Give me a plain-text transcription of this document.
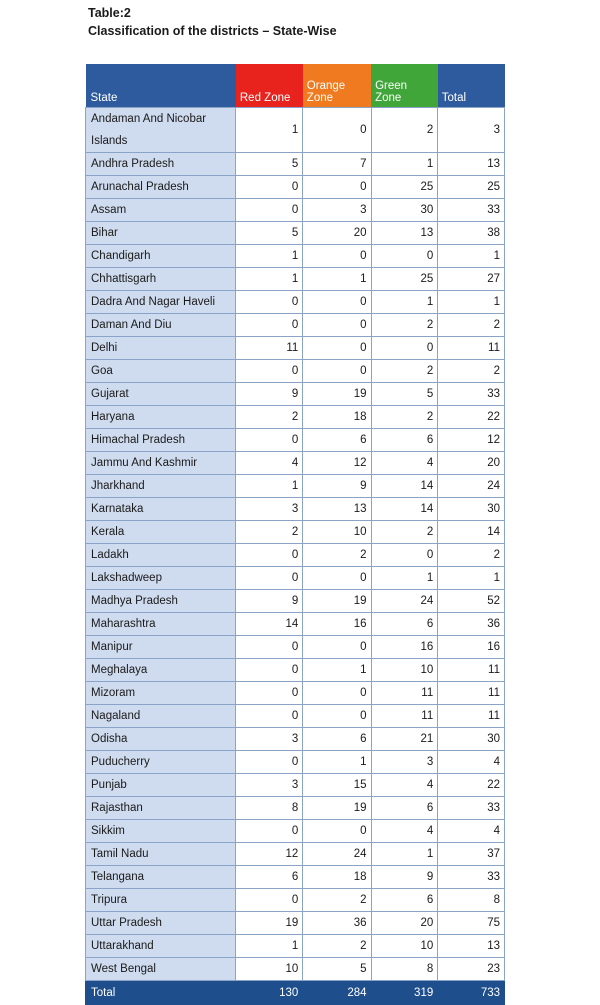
Table:2
Classification of the districts – State-Wise
State	Red Zone	Orange Zone	Green Zone	Total
Andaman And Nicobar Islands	1	0	2	3
Andhra Pradesh	5	7	1	13
Arunachal Pradesh	0	0	25	25
Assam	0	3	30	33
Bihar	5	20	13	38
Chandigarh	1	0	0	1
Chhattisgarh	1	1	25	27
Dadra And Nagar Haveli	0	0	1	1
Daman And Diu	0	0	2	2
Delhi	11	0	0	11
Goa	0	0	2	2
Gujarat	9	19	5	33
Haryana	2	18	2	22
Himachal Pradesh	0	6	6	12
Jammu And Kashmir	4	12	4	20
Jharkhand	1	9	14	24
Karnataka	3	13	14	30
Kerala	2	10	2	14
Ladakh	0	2	0	2
Lakshadweep	0	0	1	1
Madhya Pradesh	9	19	24	52
Maharashtra	14	16	6	36
Manipur	0	0	16	16
Meghalaya	0	1	10	11
Mizoram	0	0	11	11
Nagaland	0	0	11	11
Odisha	3	6	21	30
Puducherry	0	1	3	4
Punjab	3	15	4	22
Rajasthan	8	19	6	33
Sikkim	0	0	4	4
Tamil Nadu	12	24	1	37
Telangana	6	18	9	33
Tripura	0	2	6	8
Uttar Pradesh	19	36	20	75
Uttarakhand	1	2	10	13
West Bengal	10	5	8	23
Total	130	284	319	733
